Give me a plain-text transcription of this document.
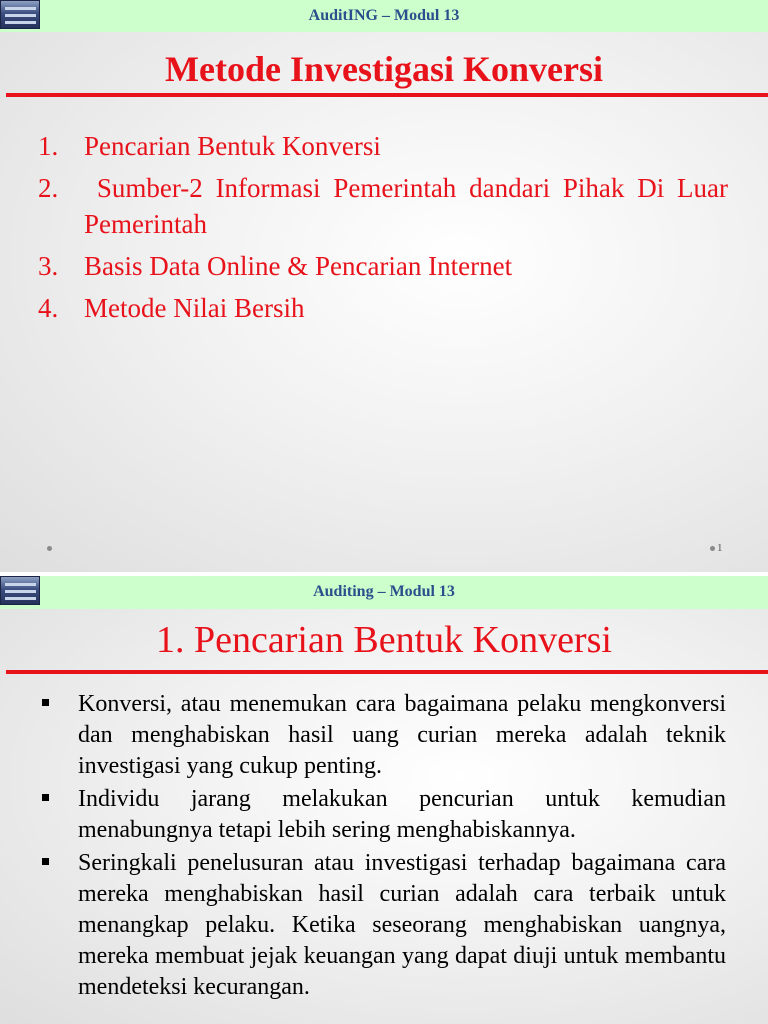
AuditING – Modul 13
Metode Investigasi Konversi
1. Pencarian Bentuk Konversi
2. Sumber-2 Informasi Pemerintah dandari Pihak Di Luar Pemerintah
3. Basis Data Online & Pencarian Internet
4. Metode Nilai Bersih
1
Auditing – Modul 13
1. Pencarian Bentuk Konversi
Konversi, atau menemukan cara bagaimana pelaku mengkonversi dan menghabiskan hasil uang curian mereka adalah teknik investigasi yang cukup penting.
Individu jarang melakukan pencurian untuk kemudian menabungnya tetapi lebih sering menghabiskannya.
Seringkali penelusuran atau investigasi terhadap bagaimana cara mereka menghabiskan hasil curian adalah cara terbaik untuk menangkap pelaku. Ketika seseorang menghabiskan uangnya, mereka membuat jejak keuangan yang dapat diuji untuk membantu mendeteksi kecurangan.
